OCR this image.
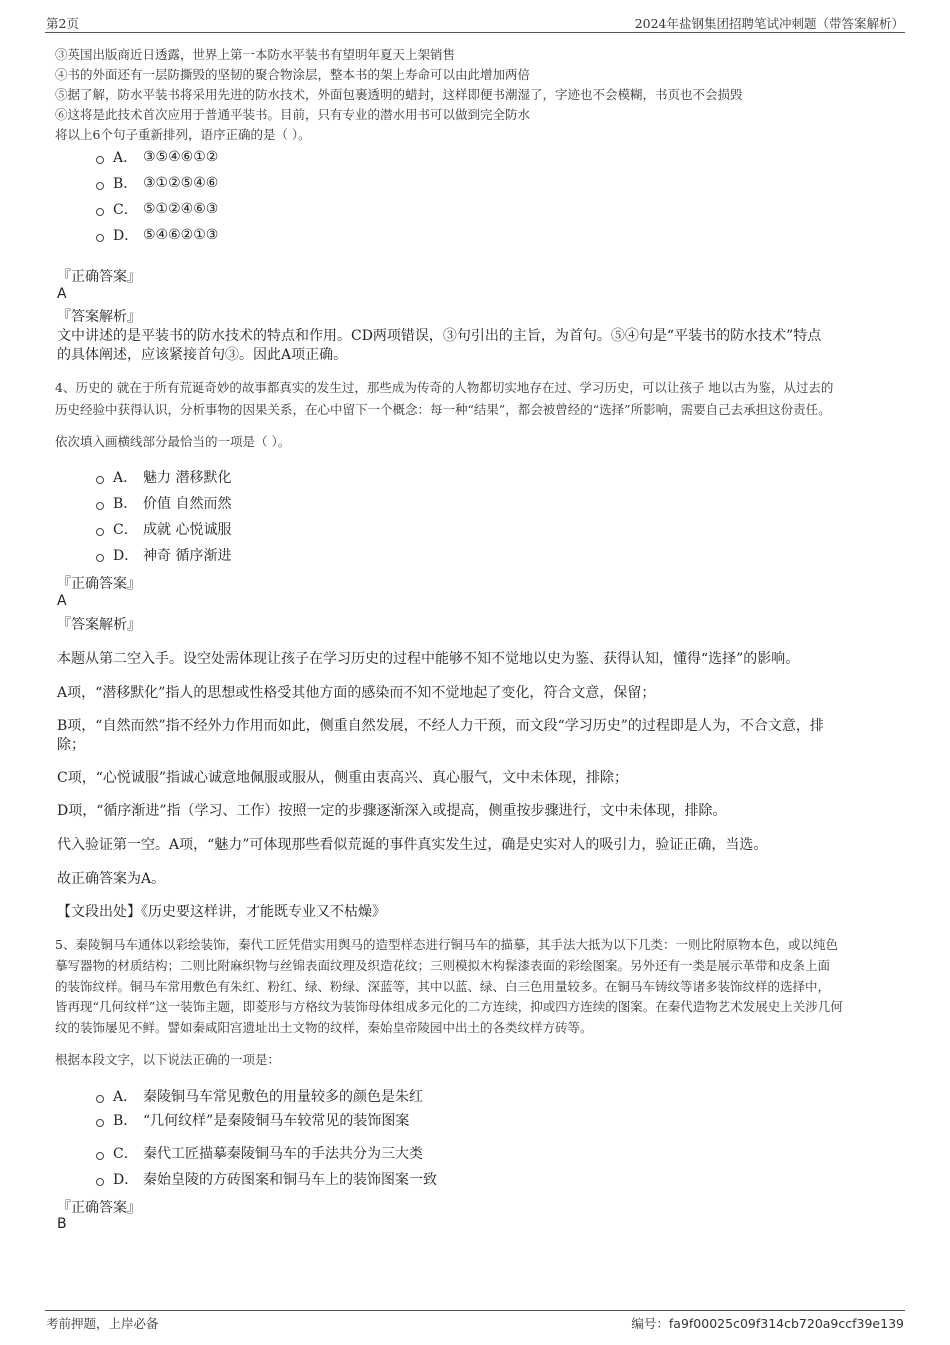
第2页	2024年盐钢集团招聘笔试冲刺题（带答案解析）
③英国出版商近日透露，世界上第一本防水平装书有望明年夏天上架销售
④书的外面还有一层防撕毁的坚韧的聚合物涂层，整本书的架上寿命可以由此增加两倍
⑤据了解，防水平装书将采用先进的防水技术，外面包裹透明的蜡封，这样即便书潮湿了，字迹也不会模糊，书页也不会损毁
⑥这将是此技术首次应用于普通平装书。目前，只有专业的潜水用书可以做到完全防水
将以上6个句子重新排列，语序正确的是（ ）。
A． ③⑤④⑥①②
B． ③①②⑤④⑥
C． ⑤①②④⑥③
D． ⑤④⑥②①③
『正确答案』
A
『答案解析』
文中讲述的是平装书的防水技术的特点和作用。CD两项错误，③句引出的主旨，为首句。⑤④句是“平装书的防水技术”特点
的具体阐述，应该紧接首句③。因此A项正确。
4、历史的 就在于所有荒诞奇妙的故事都真实的发生过，那些成为传奇的人物都切实地存在过、学习历史，可以让孩子 地以古为鉴，从过去的
历史经验中获得认识，分析事物的因果关系，在心中留下一个概念：每一种“结果”，都会被曾经的“选择”所影响，需要自己去承担这份责任。
依次填入画横线部分最恰当的一项是（ ）。
A． 魅力 潜移默化
B． 价值 自然而然
C． 成就 心悦诚服
D． 神奇 循序渐进
『正确答案』
A
『答案解析』
本题从第二空入手。设空处需体现让孩子在学习历史的过程中能够不知不觉地以史为鉴、获得认知，懂得“选择”的影响。
A项，“潜移默化”指人的思想或性格受其他方面的感染而不知不觉地起了变化，符合文意，保留；
B项，“自然而然”指不经外力作用而如此，侧重自然发展，不经人力干预，而文段“学习历史”的过程即是人为，不合文意，排
除；
C项，“心悦诚服”指诚心诚意地佩服或服从，侧重由衷高兴、真心服气，文中未体现，排除；
D项，“循序渐进”指（学习、工作）按照一定的步骤逐渐深入或提高，侧重按步骤进行，文中未体现，排除。
代入验证第一空。A项，“魅力”可体现那些看似荒诞的事件真实发生过，确是史实对人的吸引力，验证正确，当选。
故正确答案为A。
【文段出处】《历史要这样讲，才能既专业又不枯燥》
5、秦陵铜马车通体以彩绘装饰，秦代工匠凭借实用舆马的造型样态进行铜马车的描摹，其手法大抵为以下几类：一则比附原物本色，或以纯色
摹写器物的材质结构；二则比附麻织物与丝锦表面纹理及织造花纹；三则模拟木构髹漆表面的彩绘图案。另外还有一类是展示革带和皮条上面
的装饰纹样。铜马车常用敷色有朱红、粉红、绿、粉绿、深蓝等，其中以蓝、绿、白三色用量较多。在铜马车铸纹等诸多装饰纹样的选择中，
皆再现“几何纹样”这一装饰主题，即菱形与方格纹为装饰母体组成多元化的二方连续，抑或四方连续的图案。在秦代造物艺术发展史上关涉几何
纹的装饰屡见不鲜。譬如秦咸阳宫遗址出土文物的纹样，秦始皇帝陵园中出土的各类纹样方砖等。
根据本段文字，以下说法正确的一项是：
A． 秦陵铜马车常见敷色的用量较多的颜色是朱红
B． “几何纹样”是秦陵铜马车较常见的装饰图案
C． 秦代工匠描摹秦陵铜马车的手法共分为三大类
D． 秦始皇陵的方砖图案和铜马车上的装饰图案一致
『正确答案』
B
考前押题，上岸必备	编号：fa9f00025c09f314cb720a9ccf39e139
